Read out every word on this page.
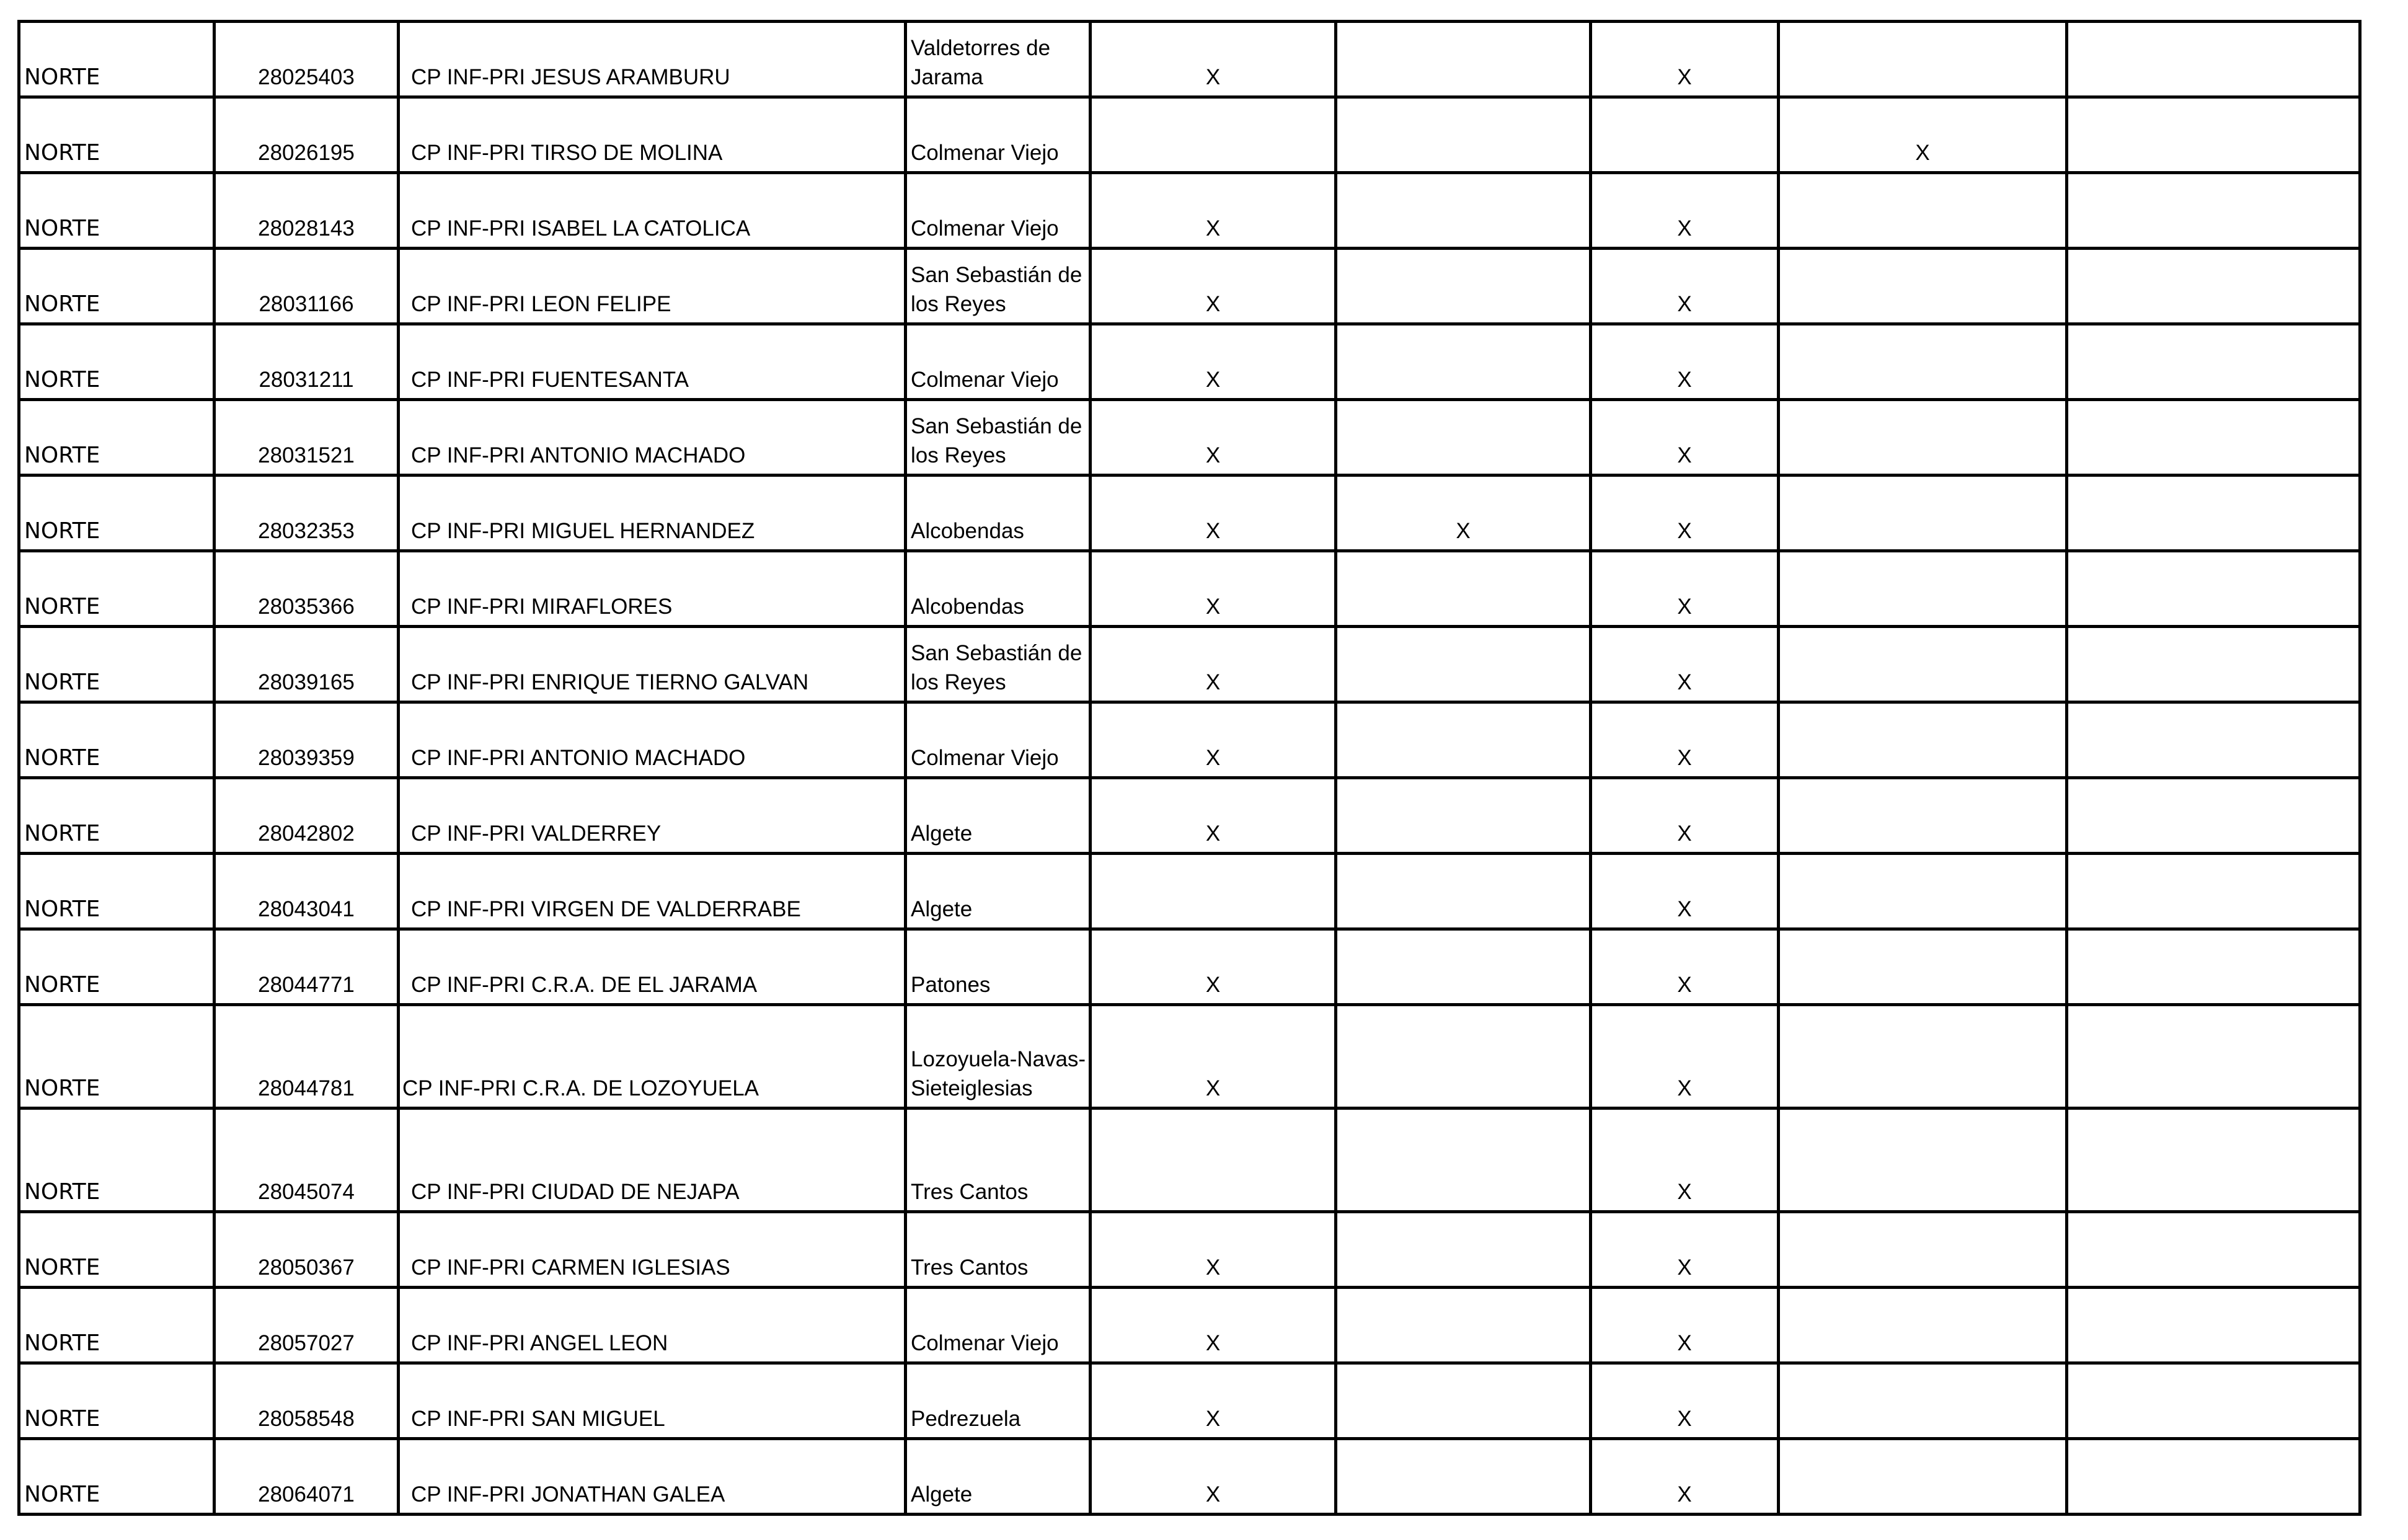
NORTE	28025403	CP INF-PRI JESUS ARAMBURU	Valdetorres de Jarama	X		X		
NORTE	28026195	CP INF-PRI TIRSO DE MOLINA	Colmenar Viejo				X	
NORTE	28028143	CP INF-PRI ISABEL LA CATOLICA	Colmenar Viejo	X		X		
NORTE	28031166	CP INF-PRI LEON FELIPE	San Sebastián de los Reyes	X		X		
NORTE	28031211	CP INF-PRI FUENTESANTA	Colmenar Viejo	X		X		
NORTE	28031521	CP INF-PRI ANTONIO MACHADO	San Sebastián de los Reyes	X		X		
NORTE	28032353	CP INF-PRI MIGUEL HERNANDEZ	Alcobendas	X	X	X		
NORTE	28035366	CP INF-PRI MIRAFLORES	Alcobendas	X		X		
NORTE	28039165	CP INF-PRI ENRIQUE TIERNO GALVAN	San Sebastián de los Reyes	X		X		
NORTE	28039359	CP INF-PRI ANTONIO MACHADO	Colmenar Viejo	X		X		
NORTE	28042802	CP INF-PRI VALDERREY	Algete	X		X		
NORTE	28043041	CP INF-PRI VIRGEN DE VALDERRABE	Algete			X		
NORTE	28044771	CP INF-PRI C.R.A. DE EL JARAMA	Patones	X		X		
NORTE	28044781	CP INF-PRI C.R.A. DE LOZOYUELA	Lozoyuela-Navas-Sieteiglesias	X		X		
NORTE	28045074	CP INF-PRI CIUDAD DE NEJAPA	Tres Cantos			X		
NORTE	28050367	CP INF-PRI CARMEN IGLESIAS	Tres Cantos	X		X		
NORTE	28057027	CP INF-PRI ANGEL LEON	Colmenar Viejo	X		X		
NORTE	28058548	CP INF-PRI SAN MIGUEL	Pedrezuela	X		X		
NORTE	28064071	CP INF-PRI JONATHAN GALEA	Algete	X		X		
